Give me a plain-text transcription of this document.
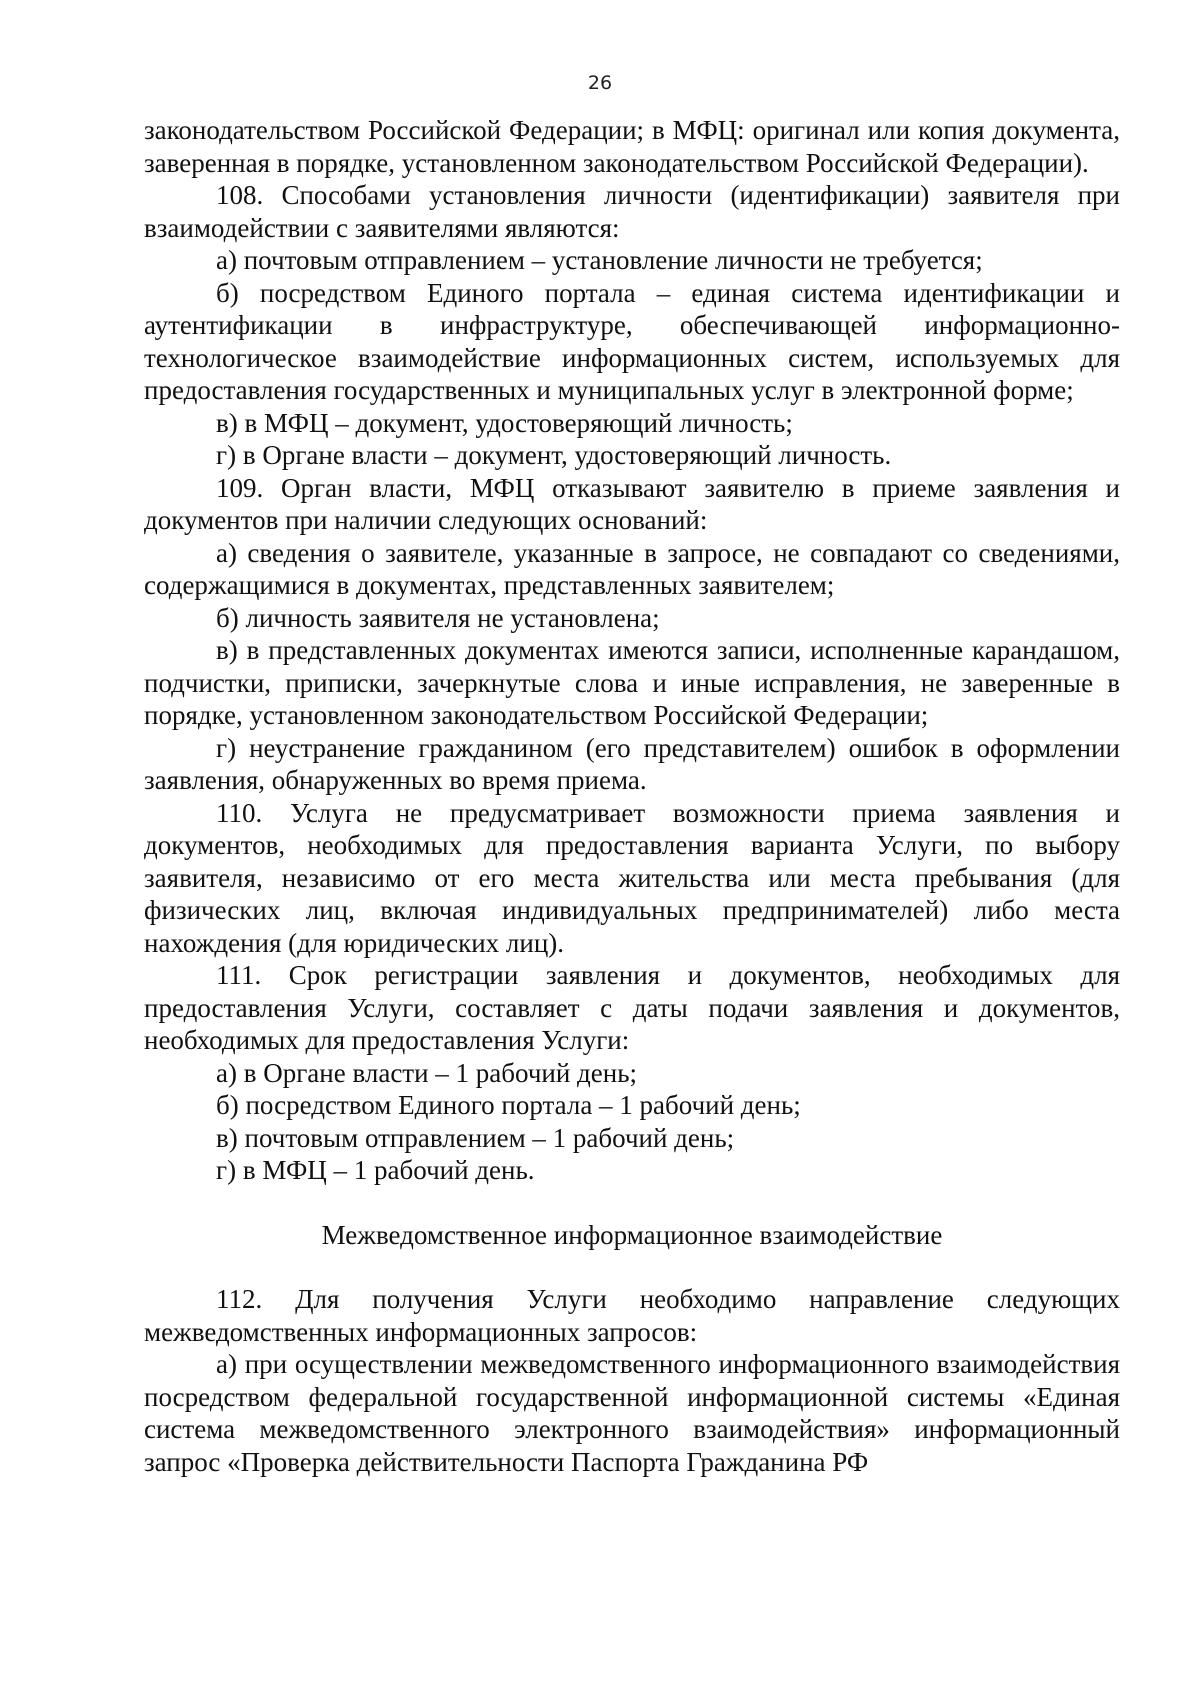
26

законодательством Российской Федерации; в МФЦ: оригинал или копия документа, заверенная в порядке, установленном законодательством Российской Федерации).

108. Способами установления личности (идентификации) заявителя при взаимодействии с заявителями являются:

а) почтовым отправлением – установление личности не требуется;

б) посредством Единого портала – единая система идентификации и аутентификации в инфраструктуре, обеспечивающей информационно-технологическое взаимодействие информационных систем, используемых для предоставления государственных и муниципальных услуг в электронной форме;

в) в МФЦ – документ, удостоверяющий личность;

г) в Органе власти – документ, удостоверяющий личность.

109. Орган власти, МФЦ отказывают заявителю в приеме заявления и документов при наличии следующих оснований:

а) сведения о заявителе, указанные в запросе, не совпадают со сведениями, содержащимися в документах, представленных заявителем;

б) личность заявителя не установлена;

в) в представленных документах имеются записи, исполненные карандашом, подчистки, приписки, зачеркнутые слова и иные исправления, не заверенные в порядке, установленном законодательством Российской Федерации;

г) неустранение гражданином (его представителем) ошибок в оформлении заявления, обнаруженных во время приема.

110. Услуга не предусматривает возможности приема заявления и документов, необходимых для предоставления варианта Услуги, по выбору заявителя, независимо от его места жительства или места пребывания (для физических лиц, включая индивидуальных предпринимателей) либо места нахождения (для юридических лиц).

111. Срок регистрации заявления и документов, необходимых для предоставления Услуги, составляет с даты подачи заявления и документов, необходимых для предоставления Услуги:

а) в Органе власти – 1 рабочий день;

б) посредством Единого портала – 1 рабочий день;

в) почтовым отправлением – 1 рабочий день;

г) в МФЦ – 1 рабочий день.

Межведомственное информационное взаимодействие

112. Для получения Услуги необходимо направление следующих межведомственных информационных запросов:

а) при осуществлении межведомственного информационного взаимодействия посредством федеральной государственной информационной системы «Единая система межведомственного электронного взаимодействия» информационный запрос «Проверка действительности Паспорта Гражданина РФ
